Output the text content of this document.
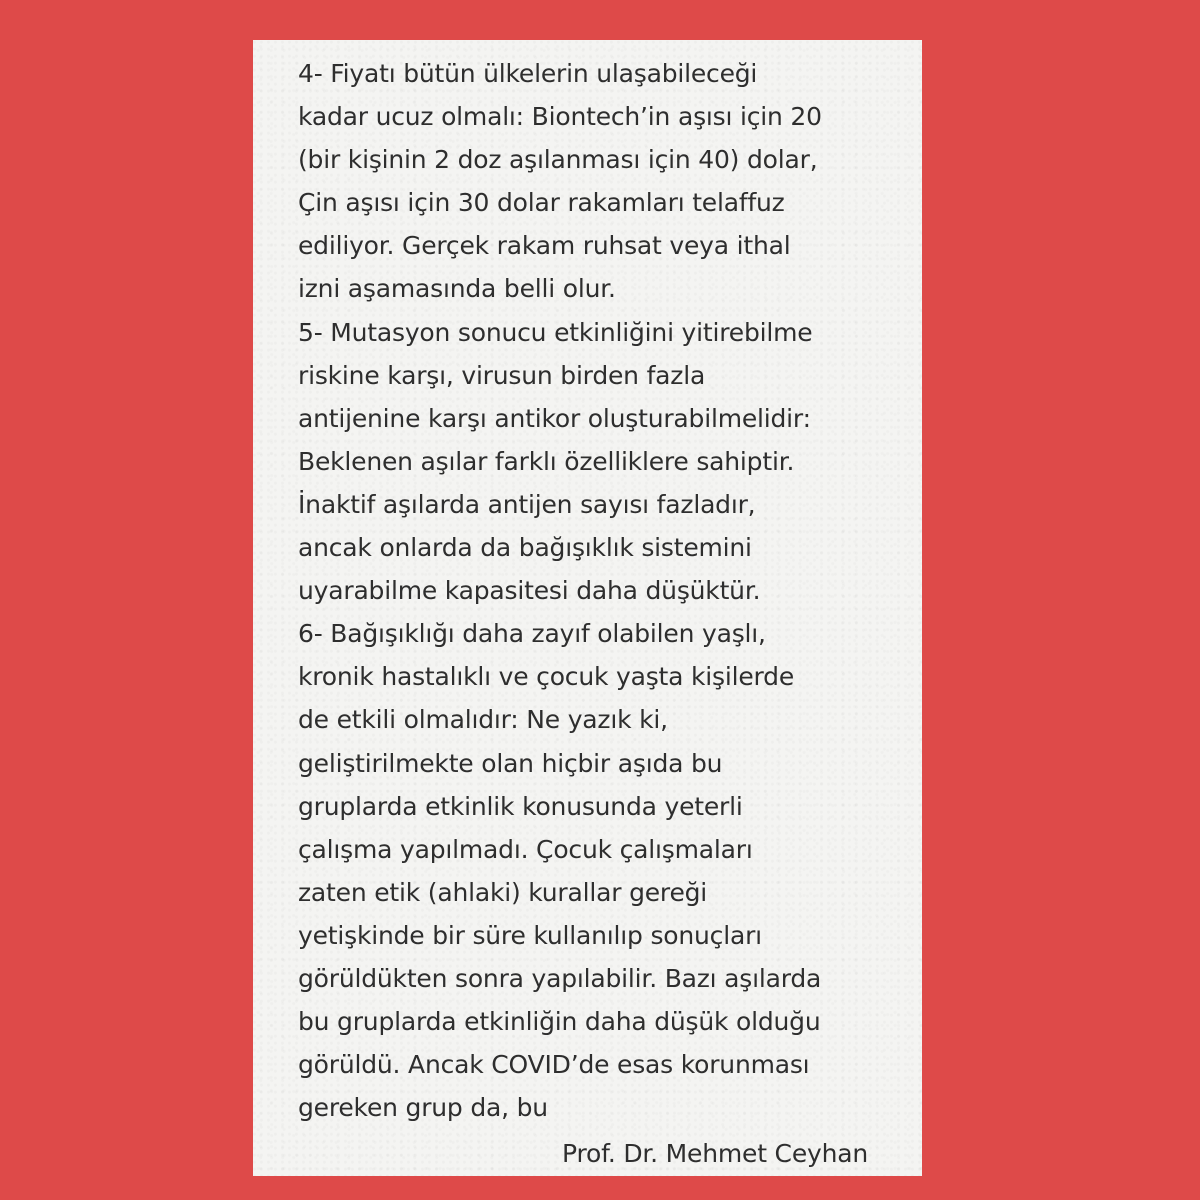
4- Fiyatı bütün ülkelerin ulaşabileceği
kadar ucuz olmalı: Biontech’in aşısı için 20
(bir kişinin 2 doz aşılanması için 40) dolar,
Çin aşısı için 30 dolar rakamları telaffuz
ediliyor. Gerçek rakam ruhsat veya ithal
izni aşamasında belli olur.
5- Mutasyon sonucu etkinliğini yitirebilme
riskine karşı, virusun birden fazla
antijenine karşı antikor oluşturabilmelidir:
Beklenen aşılar farklı özelliklere sahiptir.
İnaktif aşılarda antijen sayısı fazladır,
ancak onlarda da bağışıklık sistemini
uyarabilme kapasitesi daha düşüktür.
6- Bağışıklığı daha zayıf olabilen yaşlı,
kronik hastalıklı ve çocuk yaşta kişilerde
de etkili olmalıdır: Ne yazık ki,
geliştirilmekte olan hiçbir aşıda bu
gruplarda etkinlik konusunda yeterli
çalışma yapılmadı. Çocuk çalışmaları
zaten etik (ahlaki) kurallar gereği
yetişkinde bir süre kullanılıp sonuçları
görüldükten sonra yapılabilir. Bazı aşılarda
bu gruplarda etkinliğin daha düşük olduğu
görüldü. Ancak COVID’de esas korunması
gereken grup da, bu
Prof. Dr. Mehmet Ceyhan
